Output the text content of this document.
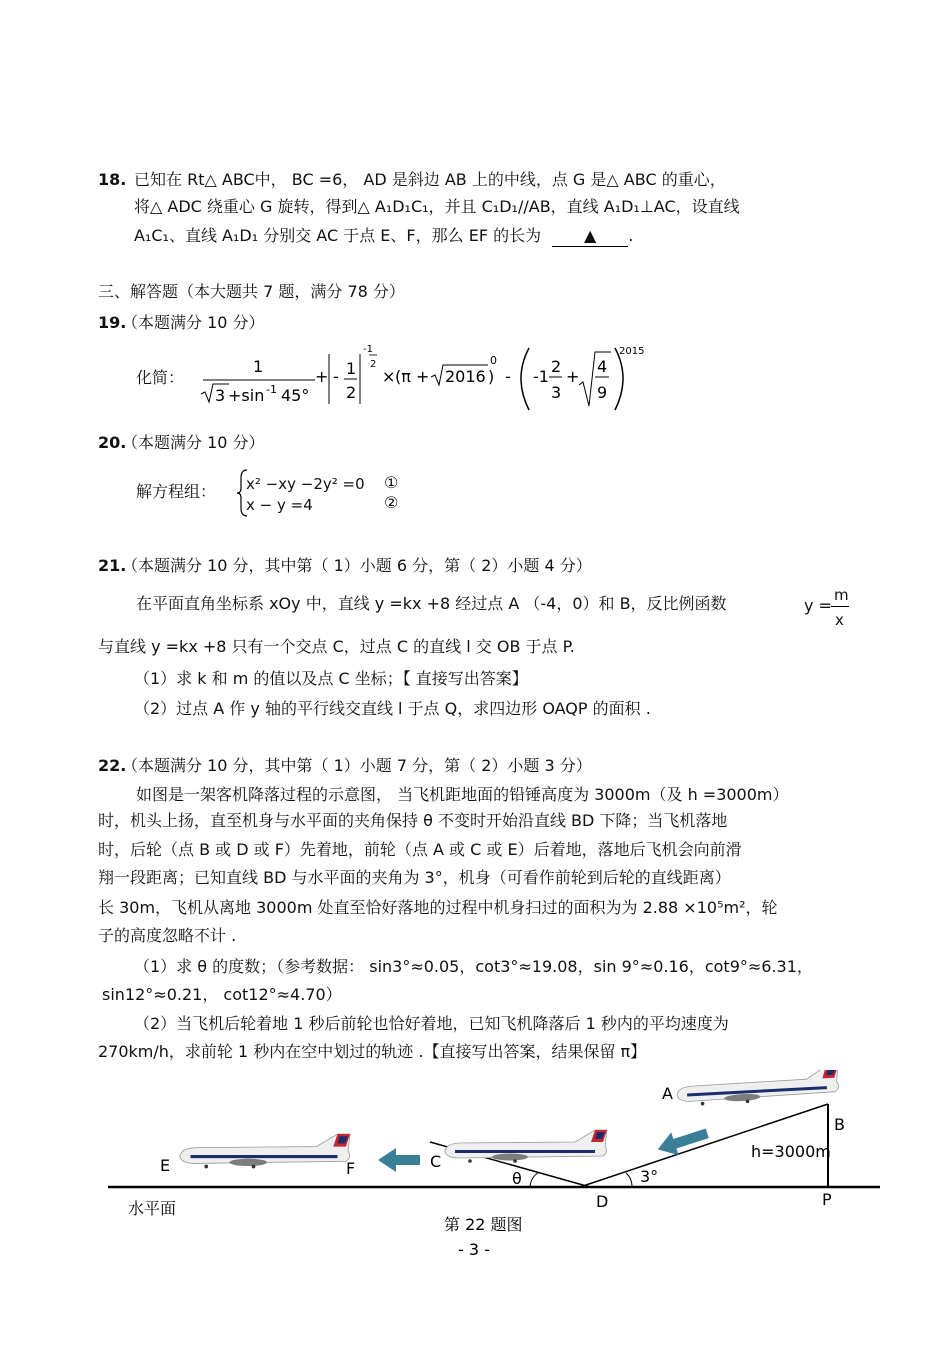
18. 已知在 Rt△ ABC中， BC =6， AD 是斜边 AB 上的中线，点 G 是△ ABC 的重心，
将△ ADC 绕重心 G 旋转，得到△ A₁D₁C₁，并且 C₁D₁//AB，直线 A₁D₁⊥AC，设直线
A₁C₁、直线 A₁D₁ 分别交 AC 于点 E、F，那么 EF 的长为	▲ .
三、解答题（本大题共 7 题，满分 78 分）
19.
（本题满分 10 分）
化简：
1
3 +sin -1 45°
+ - 1
2
-1
2
× (π + 2016 )
0
- -1
2
3
+
4
9
2015
20.
（本题满分 10 分）
解方程组： x² −xy −2y² =0
x − y =4
①
②
21.
（本题满分 10 分，其中第（ 1）小题 6 分，第（ 2）小题 4 分）
在平面直角坐标系 xOy 中，直线 y =kx +8 经过点 A （-4，0）和 B，反比例函数	y =
m
x
与直线 y =kx +8 只有一个交点 C，过点 C 的直线 l 交 OB 于点 P.
（1）求 k 和 m 的值以及点 C 坐标；【 直接写出答案】
（2）过点 A 作 y 轴的平行线交直线 l 于点 Q，求四边形 OAQP 的面积 .
22.
（本题满分 10 分，其中第（ 1）小题 7 分，第（ 2）小题 3 分）
如图是一架客机降落过程的示意图， 当飞机距地面的铅锤高度为 3000m（及 h =3000m）
时，机头上扬，直至机身与水平面的夹角保持 θ 不变时开始沿直线 BD 下降；当飞机落地
时，后轮（点 B 或 D 或 F）先着地，前轮（点 A 或 C 或 E）后着地，落地后飞机会向前滑
翔一段距离；已知直线 BD 与水平面的夹角为 3°，机身（可看作前轮到后轮的直线距离）
长 30m，飞机从离地 3000m 处直至恰好落地的过程中机身扫过的面积为为 2.88 ×10⁵m²，轮
子的高度忽略不计 .
（1）求 θ 的度数；（参考数据： sin3°≈0.05，cot3°≈19.08，sin 9°≈0.16，cot9°≈6.31，
sin12°≈0.21， cot12°≈4.70）
（2）当飞机后轮着地 1 秒后前轮也恰好着地，已知飞机降落后 1 秒内的平均速度为
270km/h，求前轮 1 秒内在空中划过的轨迹 .【直接写出答案，结果保留 π】
A
B
C
D
E	F
P
h=3000m
θ	3°
水平面
第 22 题图
- 3 -
